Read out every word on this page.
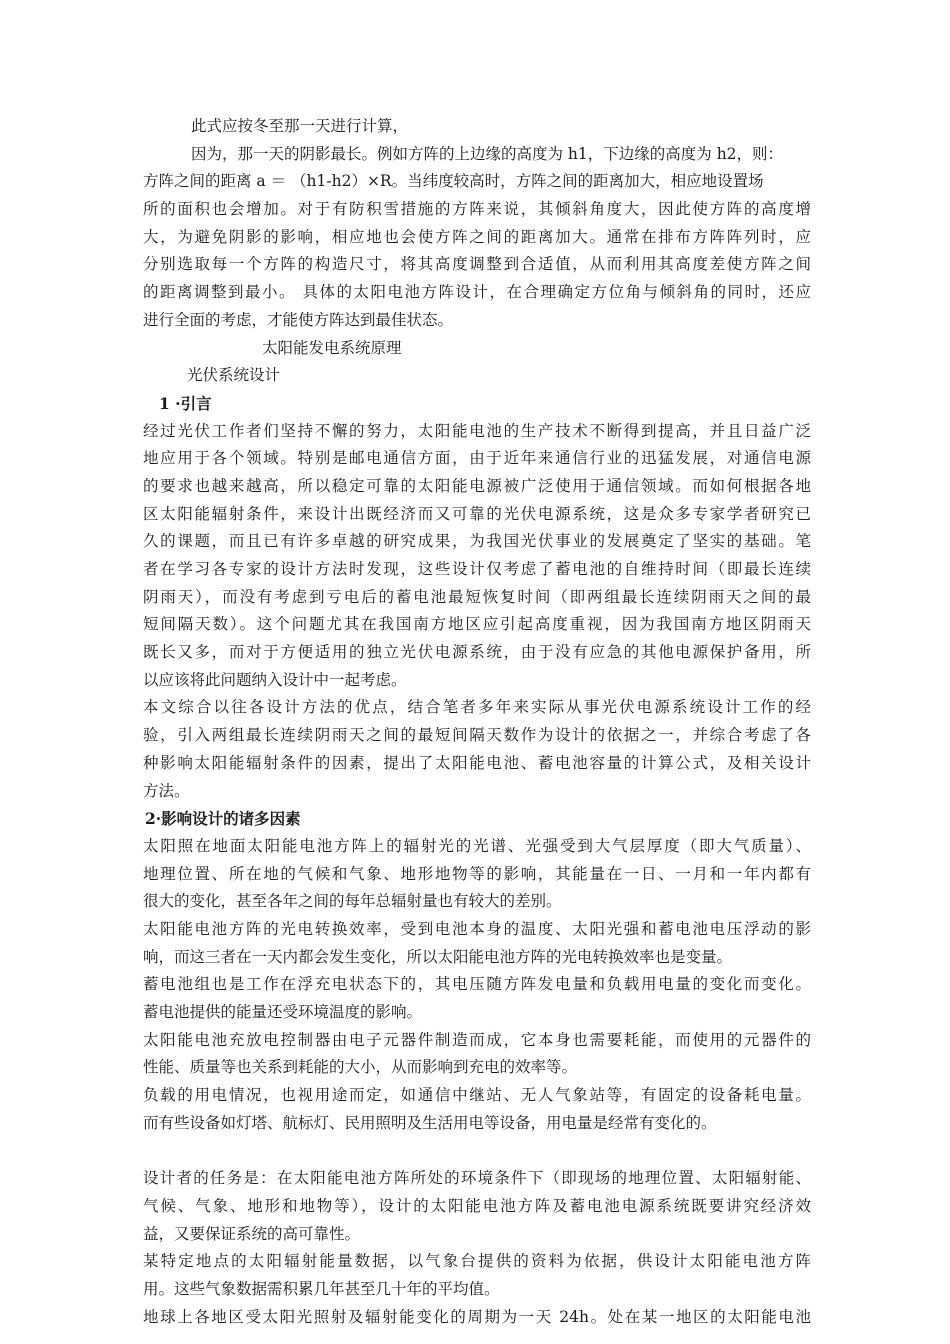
此式应按冬至那一天进行计算，
因为，那一天的阴影最长。例如方阵的上边缘的高度为 h1，下边缘的高度为 h2，则：
方阵之间的距离 a ＝ （h1-h2）×R。当纬度较高时，方阵之间的距离加大，相应地设置场
所的面积也会增加。对于有防积雪措施的方阵来说，其倾斜角度大，因此使方阵的高度增
大，为避免阴影的影响，相应地也会使方阵之间的距离加大。通常在排布方阵阵列时，应
分别选取每一个方阵的构造尺寸，将其高度调整到合适值，从而利用其高度差使方阵之间
的距离调整到最小。 具体的太阳电池方阵设计，在合理确定方位角与倾斜角的同时，还应
进行全面的考虑，才能使方阵达到最佳状态。
太阳能发电系统原理
光伏系统设计
1 ·引言
经过光伏工作者们坚持不懈的努力，太阳能电池的生产技术不断得到提高，并且日益广泛
地应用于各个领域。特别是邮电通信方面，由于近年来通信行业的迅猛发展，对通信电源
的要求也越来越高，所以稳定可靠的太阳能电源被广泛使用于通信领域。而如何根据各地
区太阳能辐射条件，来设计出既经济而又可靠的光伏电源系统，这是众多专家学者研究已
久的课题，而且已有许多卓越的研究成果，为我国光伏事业的发展奠定了坚实的基础。笔
者在学习各专家的设计方法时发现，这些设计仅考虑了蓄电池的自维持时间（即最长连续
阴雨天），而没有考虑到亏电后的蓄电池最短恢复时间（即两组最长连续阴雨天之间的最
短间隔天数）。这个问题尤其在我国南方地区应引起高度重视，因为我国南方地区阴雨天
既长又多，而对于方便适用的独立光伏电源系统，由于没有应急的其他电源保护备用，所
以应该将此问题纳入设计中一起考虑。
本文综合以往各设计方法的优点，结合笔者多年来实际从事光伏电源系统设计工作的经
验，引入两组最长连续阴雨天之间的最短间隔天数作为设计的依据之一，并综合考虑了各
种影响太阳能辐射条件的因素，提出了太阳能电池、蓄电池容量的计算公式，及相关设计
方法。
2·影响设计的诸多因素
太阳照在地面太阳能电池方阵上的辐射光的光谱、光强受到大气层厚度（即大气质量）、
地理位置、所在地的气候和气象、地形地物等的影响，其能量在一日、一月和一年内都有
很大的变化，甚至各年之间的每年总辐射量也有较大的差别。
太阳能电池方阵的光电转换效率，受到电池本身的温度、太阳光强和蓄电池电压浮动的影
响，而这三者在一天内都会发生变化，所以太阳能电池方阵的光电转换效率也是变量。
蓄电池组也是工作在浮充电状态下的，其电压随方阵发电量和负载用电量的变化而变化。
蓄电池提供的能量还受环境温度的影响。
太阳能电池充放电控制器由电子元器件制造而成，它本身也需要耗能，而使用的元器件的
性能、质量等也关系到耗能的大小，从而影响到充电的效率等。
负载的用电情况，也视用途而定，如通信中继站、无人气象站等，有固定的设备耗电量。
而有些设备如灯塔、航标灯、民用照明及生活用电等设备，用电量是经常有变化的。
设计者的任务是：在太阳能电池方阵所处的环境条件下（即现场的地理位置、太阳辐射能、
气候、气象、地形和地物等），设计的太阳能电池方阵及蓄电池电源系统既要讲究经济效
益，又要保证系统的高可靠性。
某特定地点的太阳辐射能量数据，以气象台提供的资料为依据，供设计太阳能电池方阵
用。这些气象数据需积累几年甚至几十年的平均值。
地球上各地区受太阳光照射及辐射能变化的周期为一天 24h。处在某一地区的太阳能电池
